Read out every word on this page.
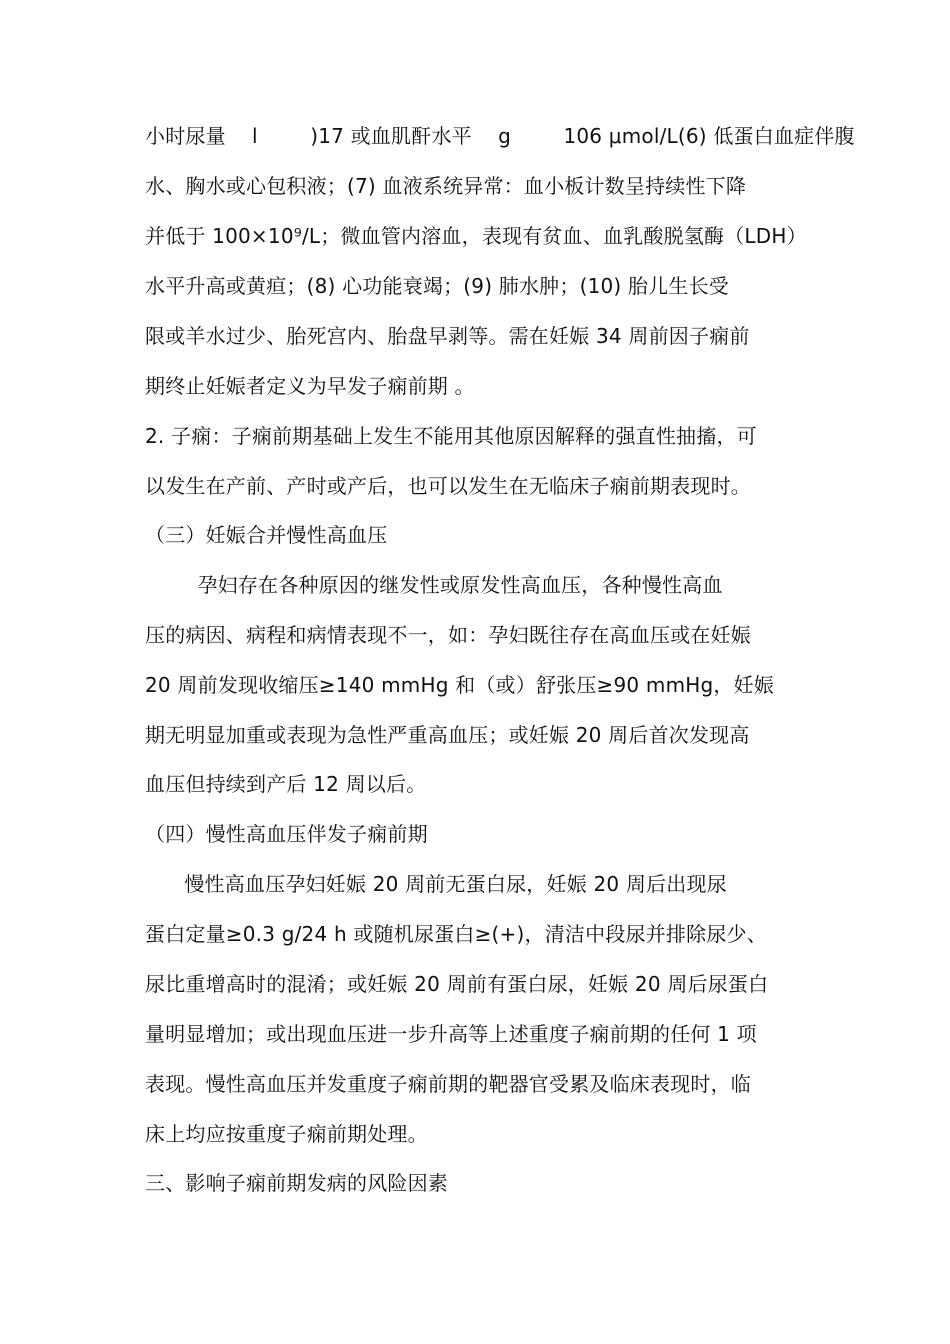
小时尿量    l        )17 或血肌酐水平    g        106 μmol/L(6) 低蛋白血症伴腹
水、胸水或心包积液；(7) 血液系统异常：血小板计数呈持续性下降
并低于 100×10⁹/L；微血管内溶血，表现有贫血、血乳酸脱氢酶（LDH）
水平升高或黄疸；(8) 心功能衰竭；(9) 肺水肿；(10) 胎儿生长受
限或羊水过少、胎死宫内、胎盘早剥等。需在妊娠 34 周前因子痫前
期终止妊娠者定义为早发子痫前期 。
2. 子痫：子痫前期基础上发生不能用其他原因解释的强直性抽搐，可
以发生在产前、产时或产后，也可以发生在无临床子痫前期表现时。
（三）妊娠合并慢性高血压
孕妇存在各种原因的继发性或原发性高血压，各种慢性高血
压的病因、病程和病情表现不一，如：孕妇既往存在高血压或在妊娠
20 周前发现收缩压≥140 mmHg 和（或）舒张压≥90 mmHg，妊娠
期无明显加重或表现为急性严重高血压；或妊娠 20 周后首次发现高
血压但持续到产后 12 周以后。
（四）慢性高血压伴发子痫前期
慢性高血压孕妇妊娠 20 周前无蛋白尿，妊娠 20 周后出现尿
蛋白定量≥0.3 g/24 h 或随机尿蛋白≥(+)，清洁中段尿并排除尿少、
尿比重增高时的混淆；或妊娠 20 周前有蛋白尿，妊娠 20 周后尿蛋白
量明显增加；或出现血压进一步升高等上述重度子痫前期的任何 1 项
表现。慢性高血压并发重度子痫前期的靶器官受累及临床表现时，临
床上均应按重度子痫前期处理。
三、影响子痫前期发病的风险因素
